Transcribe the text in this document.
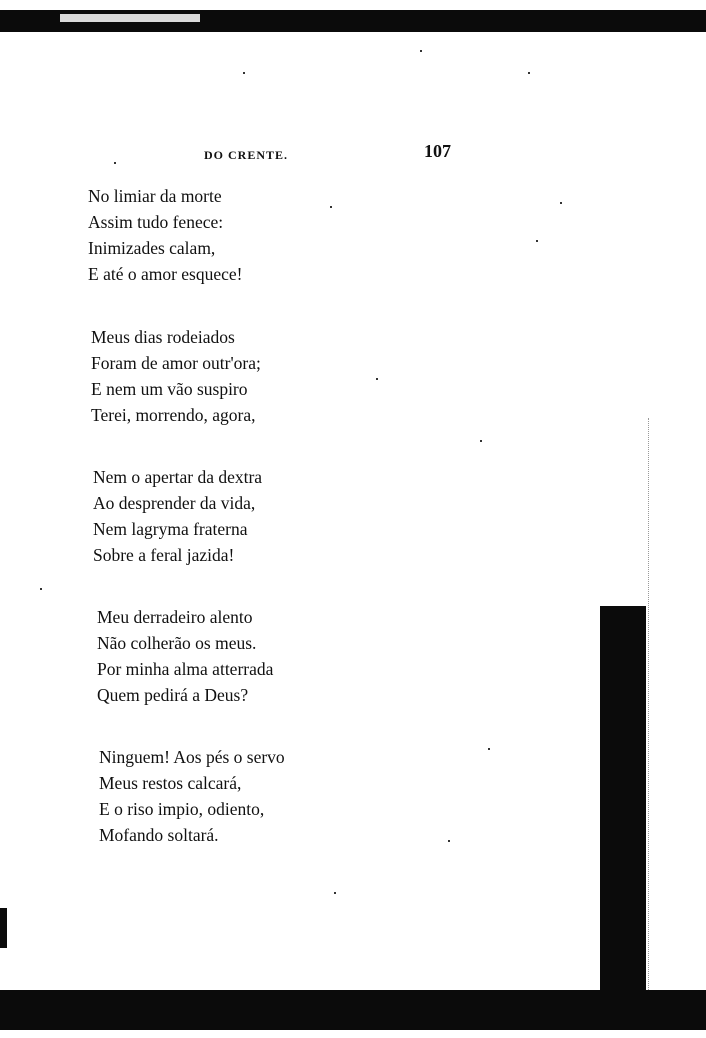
DO CRENTE.	107
No limiar da morte
Assim tudo fenece:
Inimizades calam,
E até o amor esquece!
Meus dias rodeiados
Foram de amor outr'ora;
E nem um vão suspiro
Terei, morrendo, agora,
Nem o apertar da dextra
Ao desprender da vida,
Nem lagryma fraterna
Sobre a feral jazida!
Meu derradeiro alento
Não colherão os meus.
Por minha alma atterrada
Quem pedirá a Deus?
Ninguem! Aos pés o servo
Meus restos calcará,
E o riso impio, odiento,
Mofando soltará.
